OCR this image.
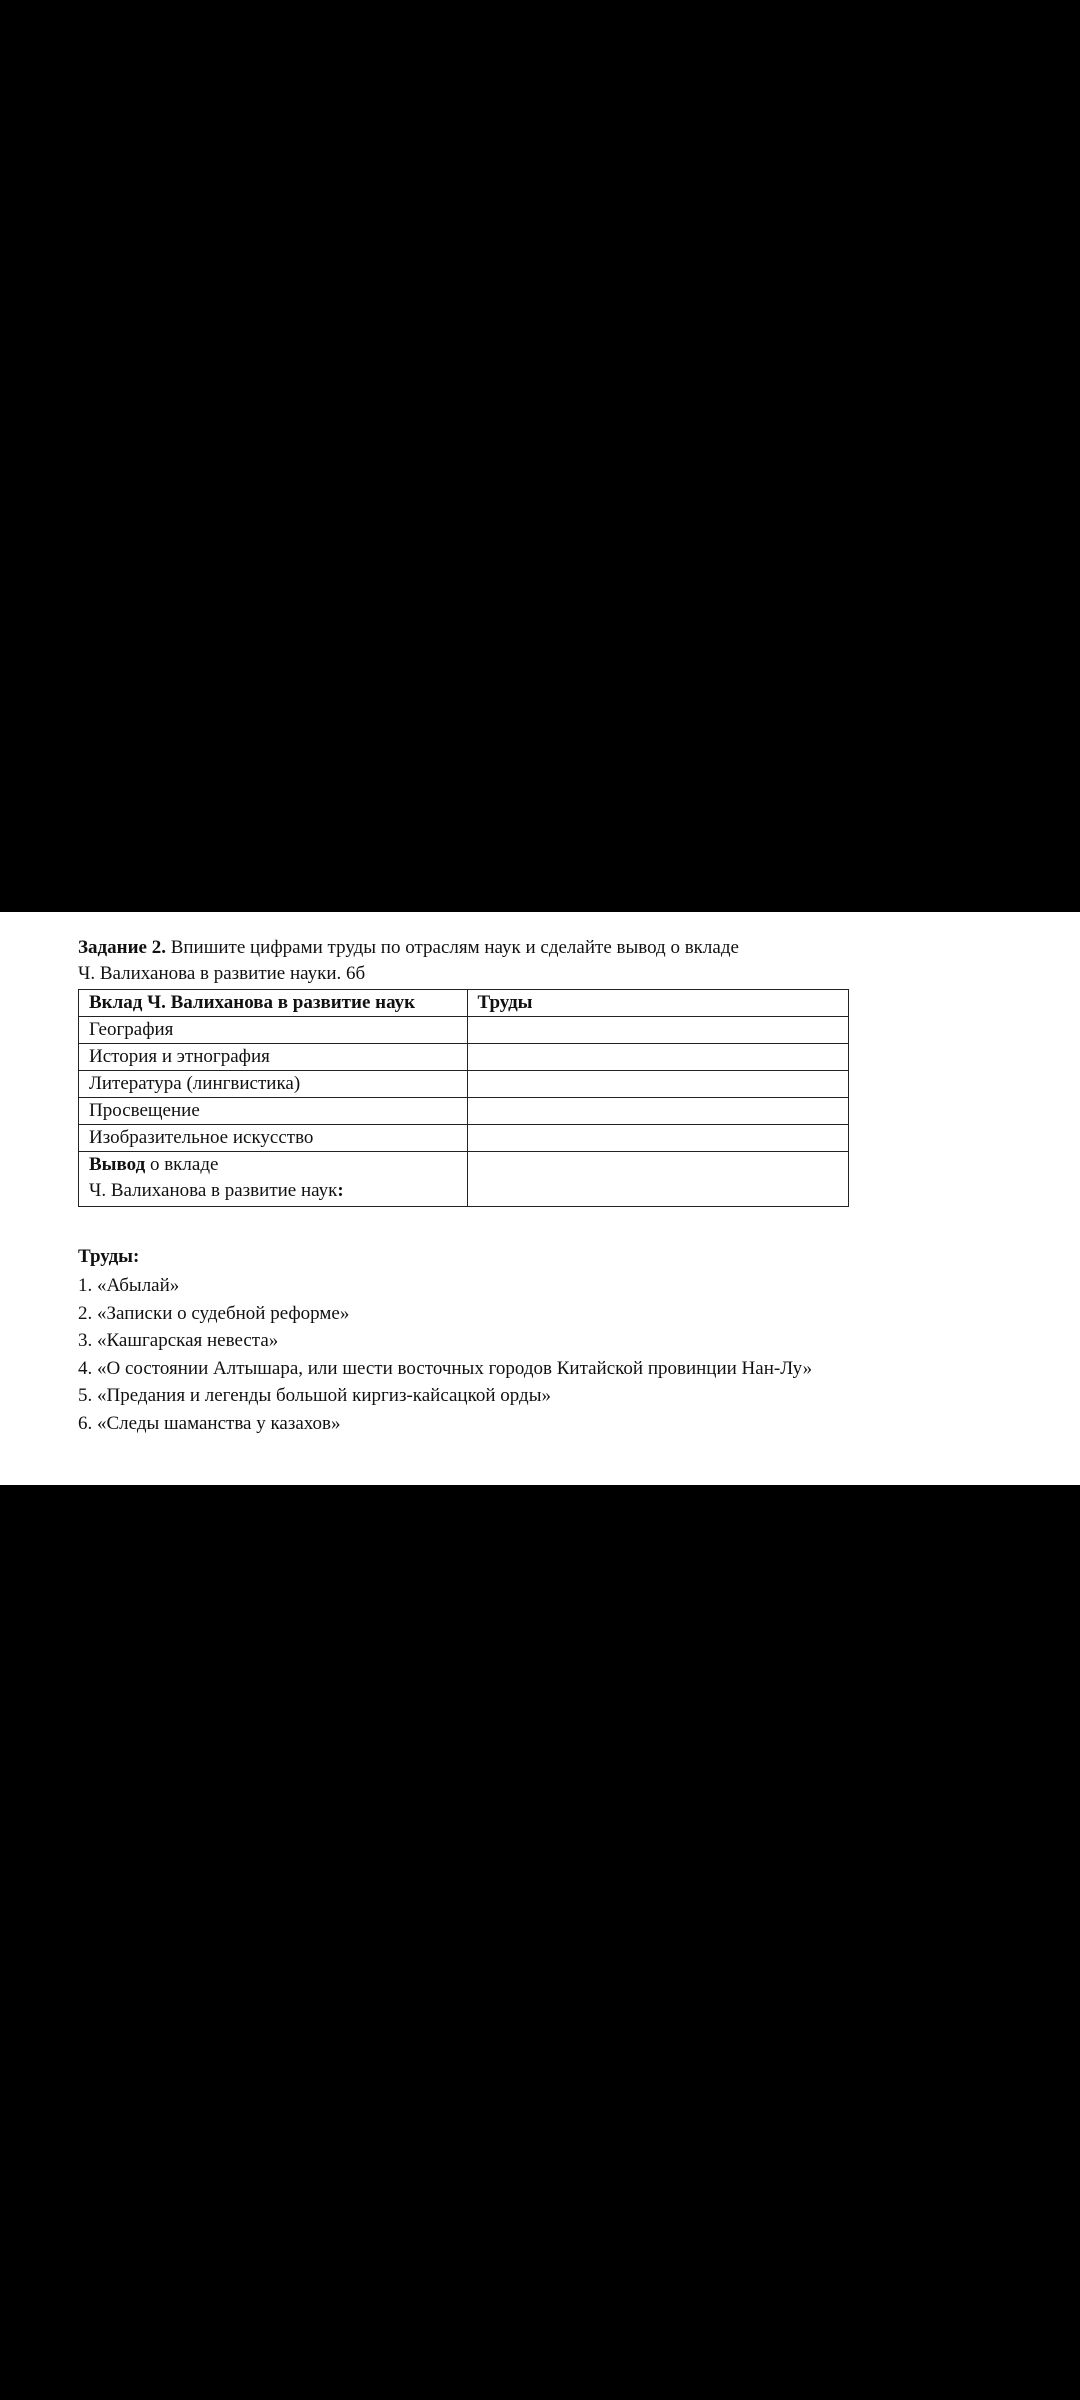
Задание 2. Впишите цифрами труды по отраслям наук и сделайте вывод о вкладе
Ч. Валиханова в развитие науки. 6б
Вклад Ч. Валиханова в развитие наук	Труды
География	
История и этнография	
Литература (лингвистика)	
Просвещение	
Изобразительное искусство	

Вывод о вкладе
Ч. Валиханова в развитие наук:	

Труды:
1. «Абылай»
2. «Записки о судебной реформе»
3. «Кашгарская невеста»
4. «О состоянии Алтышара, или шести восточных городов Китайской провинции Нан-Лу»
5. «Предания и легенды большой киргиз-кайсацкой орды»
6. «Следы шаманства у казахов»
